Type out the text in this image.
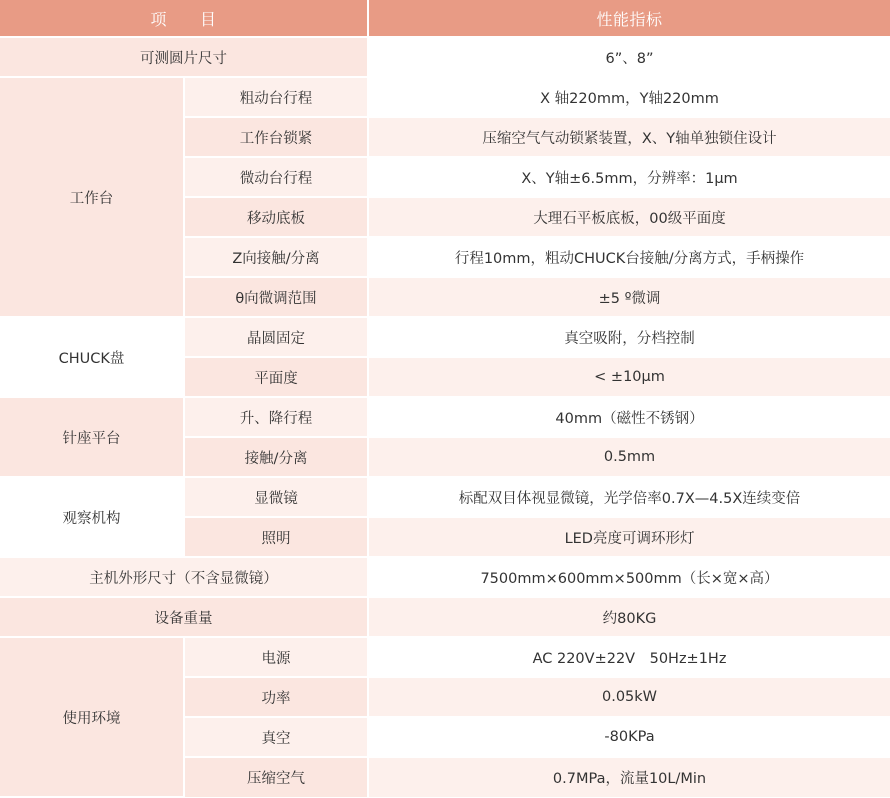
项　　目		性能指标
可测圆片尺寸		6”、8”
工作台	粗动台行程	X 轴220mm，Y轴220mm
	工作台锁紧	压缩空气气动锁紧装置，X、Y轴单独锁住设计
	微动台行程	X、Y轴±6.5mm，分辨率：1μm
	移动底板	大理石平板底板，00级平面度
	Z向接触/分离	行程10mm，粗动CHUCK台接触/分离方式，手柄操作
	θ向微调范围	±5 º微调
CHUCK盘	晶圆固定	真空吸附，分档控制
	平面度	< ±10μm
针座平台	升、降行程	40mm（磁性不锈钢）
	接触/分离	0.5mm
观察机构	显微镜	标配双目体视显微镜，光学倍率0.7X—4.5X连续变倍
	照明	LED亮度可调环形灯
主机外形尺寸（不含显微镜）		7500mm×600mm×500mm（长×宽×高）
设备重量		约80KG
使用环境	电源	AC 220V±22V　50Hz±1Hz
	功率	0.05kW
	真空	-80KPa
	压缩空气	0.7MPa，流量10L/Min
